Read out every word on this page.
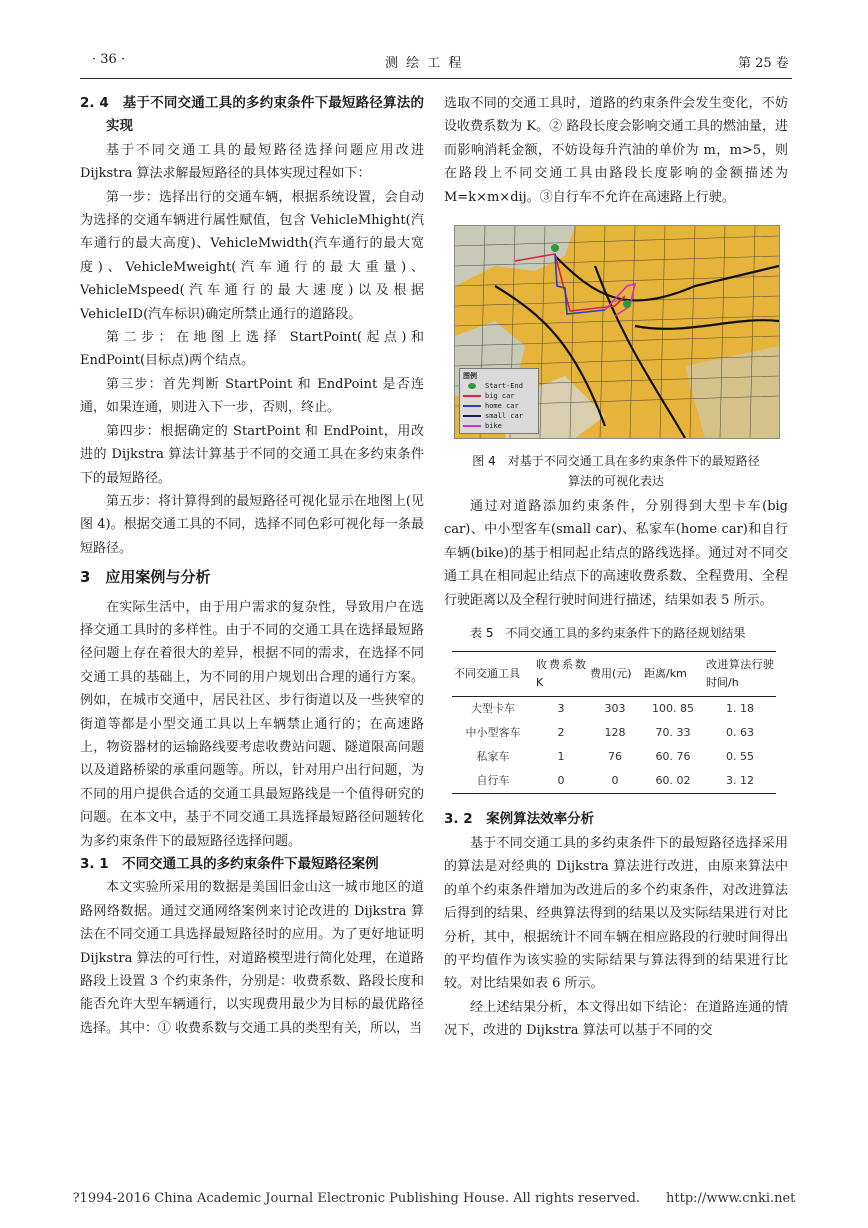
· 36 ·	测 绘 工 程	第 25 卷
2. 4　基于不同交通工具的多约束条件下最短路径算法的实现

基于不同交通工具的最短路径选择问题应用改进 Dijkstra 算法求解最短路径的具体实现过程如下：

第一步：选择出行的交通车辆，根据系统设置，会自动为选择的交通车辆进行属性赋值，包含 VehicleMhight(汽车通行的最大高度)、VehicleMwidth(汽车通行的最大宽度)、VehicleMweight(汽车通行的最大重量)、VehicleMspeed(汽车通行的最大速度)以及根据 VehicleID(汽车标识)确定所禁止通行的道路段。

第二步：在地图上选择 StartPoint(起点)和 EndPoint(目标点)两个结点。

第三步：首先判断 StartPoint 和 EndPoint 是否连通，如果连通，则进入下一步，否则，终止。

第四步：根据确定的 StartPoint 和 EndPoint，用改进的 Dijkstra 算法计算基于不同的交通工具在多约束条件下的最短路径。

第五步：将计算得到的最短路径可视化显示在地图上(见图 4)。根据交通工具的不同，选择不同色彩可视化每一条最短路径。

3　应用案例与分析

在实际生活中，由于用户需求的复杂性，导致用户在选择交通工具时的多样性。由于不同的交通工具在选择最短路径问题上存在着很大的差异，根据不同的需求，在选择不同交通工具的基础上，为不同的用户规划出合理的通行方案。例如，在城市交通中，居民社区、步行街道以及一些狭窄的街道等都是小型交通工具以上车辆禁止通行的；在高速路上，物资器材的运输路线要考虑收费站问题、隧道限高问题以及道路桥梁的承重问题等。所以，针对用户出行问题，为不同的用户提供合适的交通工具最短路线是一个值得研究的问题。在本文中，基于不同交通工具选择最短路径问题转化为多约束条件下的最短路径选择问题。

3. 1　不同交通工具的多约束条件下最短路径案例

本文实验所采用的数据是美国旧金山这一城市地区的道路网络数据。通过交通网络案例来讨论改进的 Dijkstra 算法在不同交通工具选择最短路径时的应用。为了更好地证明 Dijkstra 算法的可行性，对道路模型进行简化处理，在道路路段上设置 3 个约束条件，分别是：收费系数、路段长度和能否允许大型车辆通行，以实现费用最少为目标的最优路径选择。其中：① 收费系数与交通工具的类型有关，所以，当

选取不同的交通工具时，道路的约束条件会发生变化，不妨设收费系数为 K。② 路段长度会影响交通工具的燃油量，进而影响消耗金额，不妨设每升汽油的单价为 m，m>5，则在路段上不同交通工具由路段长度影响的金额描述为 M=k×m×dij。③自行车不允许在高速路上行驶。

图例
Start-End
big car
home car
small car
bike
图 4　对基于不同交通工具在多约束条件下的最短路径
算法的可视化表达

通过对道路添加约束条件，分别得到大型卡车(big car)、中小型客车(small car)、私家车(home car)和自行车辆(bike)的基于相同起止结点的路线选择。通过对不同交通工具在相同起止结点下的高速收费系数、全程费用、全程行驶距离以及全程行驶时间进行描述，结果如表 5 所示。

表 5　不同交通工具的多约束条件下的路径规划结果
不同交通工具	收费系数 K	费用(元)	距离/km	改进算法行驶时间/h
大型卡车	3	303	100. 85	1. 18
中小型客车	2	128	70. 33	0. 63
私家车	1	76	60. 76	0. 55
自行车	0	0	60. 02	3. 12
3. 2　案例算法效率分析

基于不同交通工具的多约束条件下的最短路径选择采用的算法是对经典的 Dijkstra 算法进行改进，由原来算法中的单个约束条件增加为改进后的多个约束条件，对改进算法后得到的结果、经典算法得到的结果以及实际结果进行对比分析，其中，根据统计不同车辆在相应路段的行驶时间得出的平均值作为该实验的实际结果与算法得到的结果进行比较。对比结果如表 6 所示。

经上述结果分析，本文得出如下结论：在道路连通的情况下，改进的 Dijkstra 算法可以基于不同的交

?1994-2016 China Academic Journal Electronic Publishing House. All rights reserved.　　http://www.cnki.net
